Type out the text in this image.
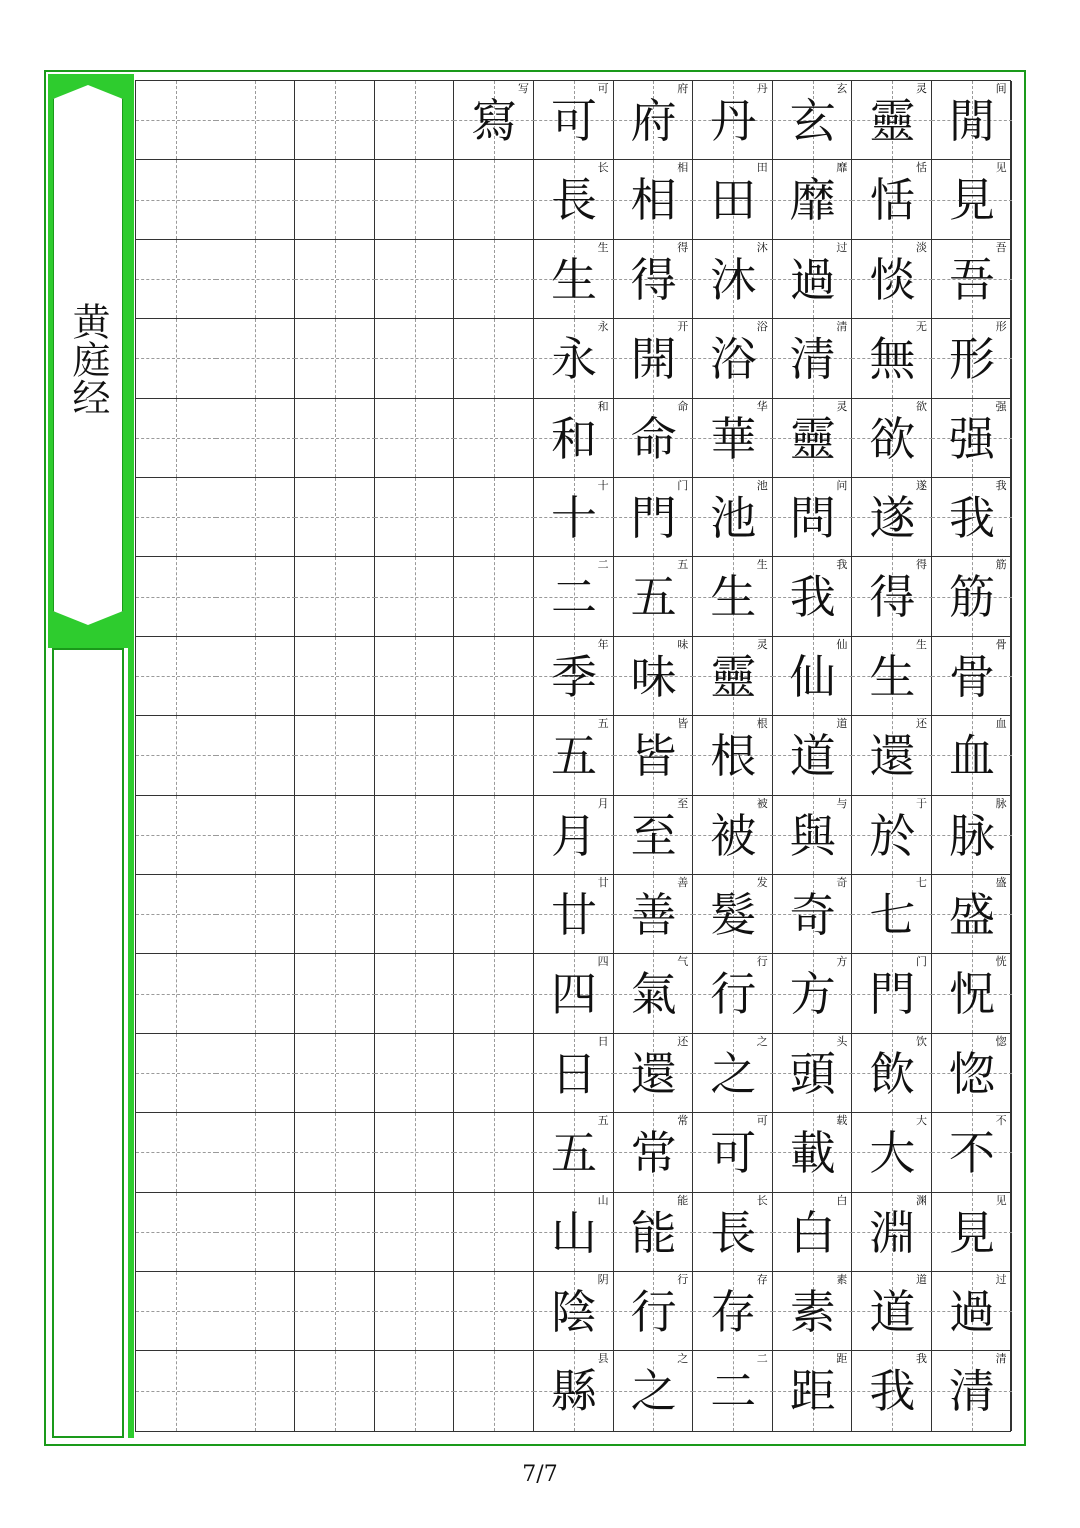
黄庭经
閒
间
見
见
吾
吾
形
形
强
强
我
我
筋
筋
骨
骨
血
血
脉
脉
盛
盛
怳
恍
惚
惚
不
不
見
见
過
过
清
清
靈
灵
恬
恬
惔
淡
無
无
欲
欲
遂
遂
得
得
生
生
還
还
於
于
七
七
門
门
飲
饮
大
大
淵
渊
道
道
我
我
玄
玄
靡
靡
過
过
清
清
靈
灵
問
问
我
我
仙
仙
道
道
與
与
奇
奇
方
方
頭
头
載
载
白
白
素
素
距
距
丹
丹
田
田
沐
沐
浴
浴
華
华
池
池
生
生
靈
灵
根
根
被
被
髮
发
行
行
之
之
可
可
長
长
存
存
二
二
府
府
相
相
得
得
開
开
命
命
門
门
五
五
味
味
皆
皆
至
至
善
善
氣
气
還
还
常
常
能
能
行
行
之
之
可
可
長
长
生
生
永
永
和
和
十
十
二
二
季
年
五
五
月
月
廿
廿
四
四
日
日
五
五
山
山
陰
阴
縣
县
寫
写
7/7
